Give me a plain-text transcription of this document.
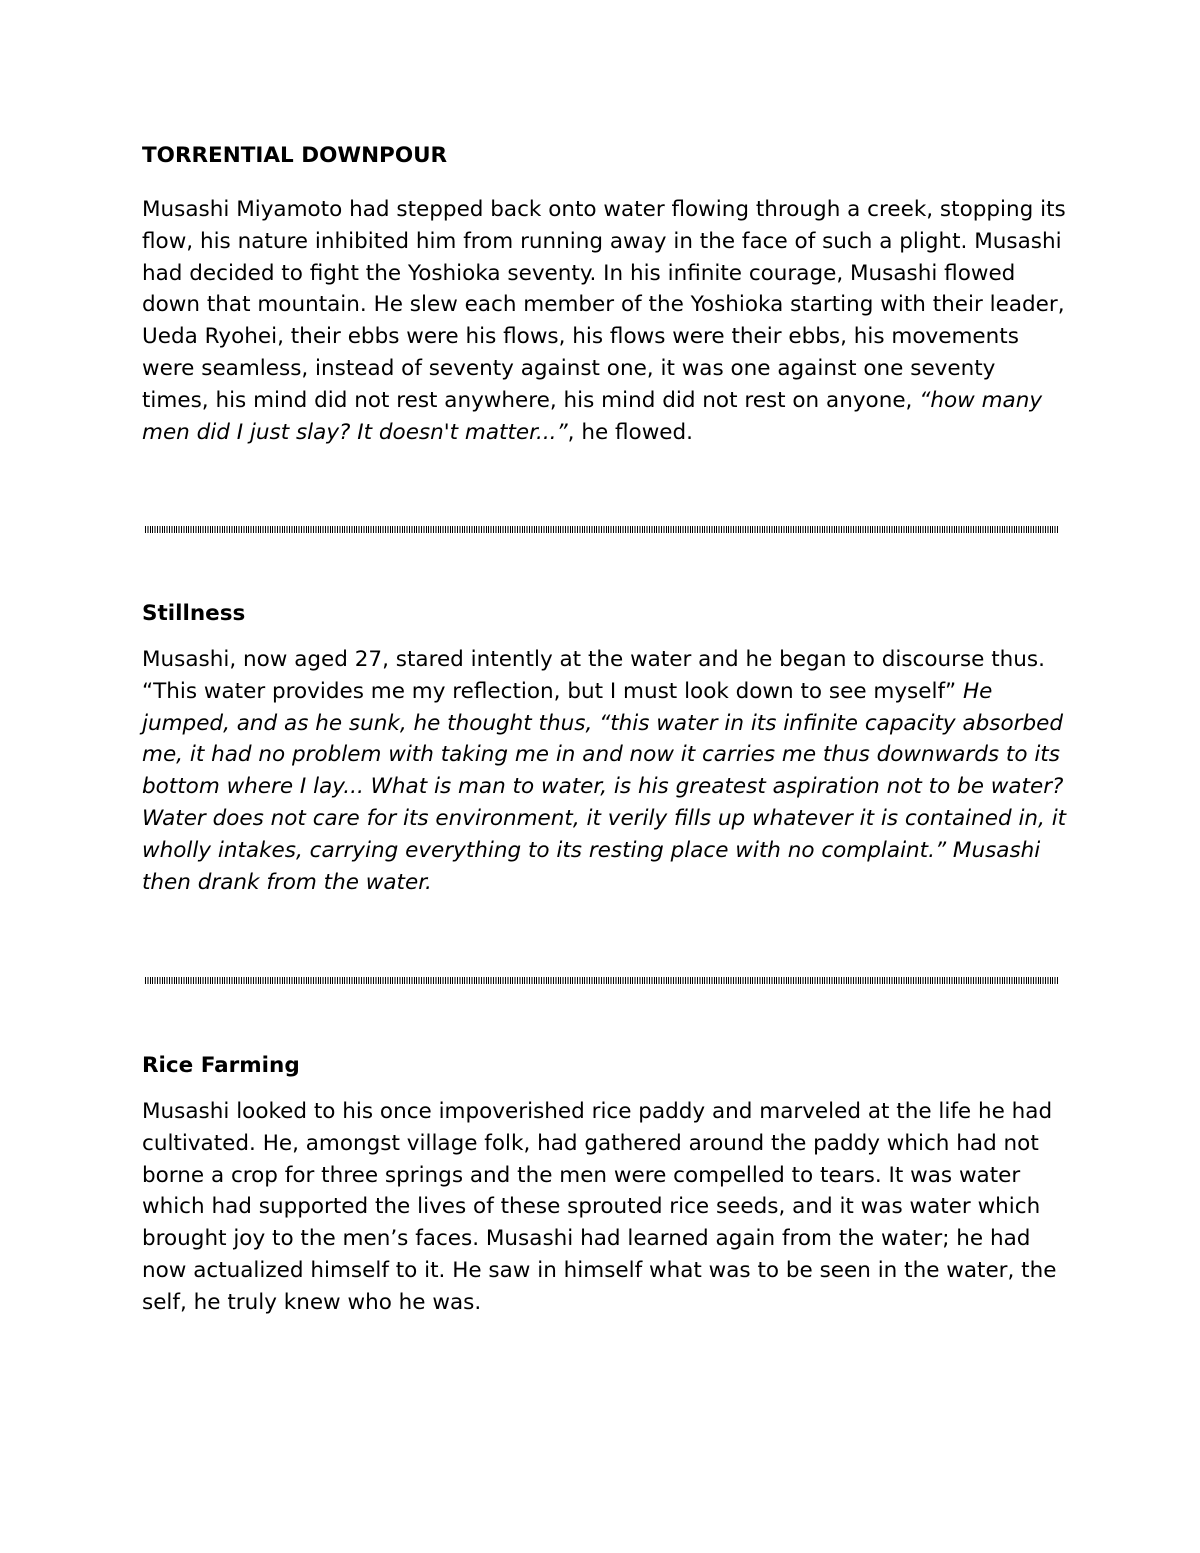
TORRENTIAL DOWNPOUR

Musashi Miyamoto had stepped back onto water flowing through a creek, stopping its flow, his nature inhibited him from running away in the face of such a plight. Musashi had decided to fight the Yoshioka seventy. In his infinite courage, Musashi flowed down that mountain. He slew each member of the Yoshioka starting with their leader, Ueda Ryohei, their ebbs were his flows, his flows were their ebbs, his movements were seamless, instead of seventy against one, it was one against one seventy times, his mind did not rest anywhere, his mind did not rest on anyone, “how many men did I just slay? It doesn't matter...”, he flowed.

Stillness

Musashi, now aged 27, stared intently at the water and he began to discourse thus. “This water provides me my reflection, but I must look down to see myself” He jumped, and as he sunk, he thought thus, “this water in its infinite capacity absorbed me, it had no problem with taking me in and now it carries me thus downwards to its bottom where I lay... What is man to water, is his greatest aspiration not to be water? Water does not care for its environment, it verily fills up whatever it is contained in, it wholly intakes, carrying everything to its resting place with no complaint.” Musashi then drank from the water.

Rice Farming

Musashi looked to his once impoverished rice paddy and marveled at the life he had cultivated. He, amongst village folk, had gathered around the paddy which had not borne a crop for three springs and the men were compelled to tears. It was water which had supported the lives of these sprouted rice seeds, and it was water which brought joy to the men’s faces. Musashi had learned again from the water; he had now actualized himself to it. He saw in himself what was to be seen in the water, the self, he truly knew who he was.
